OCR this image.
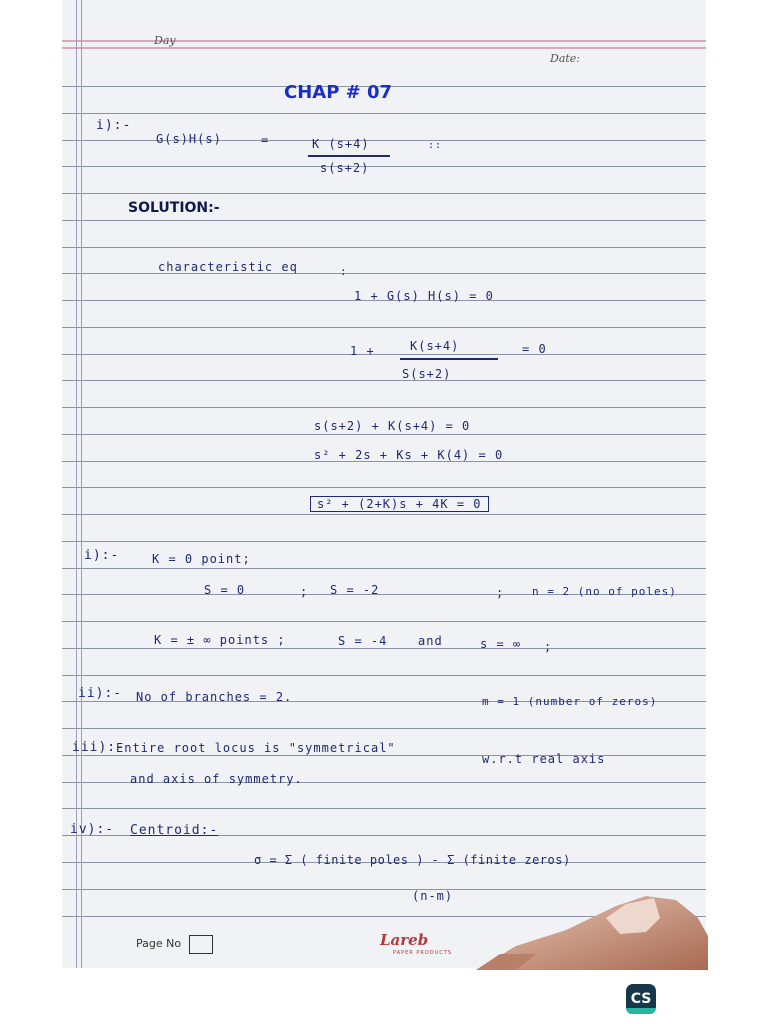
Day
Date:
CHAP # 07
i):-
G(s)H(s)	=	K (s+4)
s(s+2)
::
SOLUTION:-
characteristic eq	:
1 + G(s) H(s) = 0
1 +	K(s+4)
S(s+2)
= 0
s(s+2) + K(s+4) = 0
s² + 2s + Ks + K(4) = 0
s² + (2+K)s + 4K = 0
i):-	K = 0 point;
S = 0	; S = -2	;	n = 2 (no of poles)
K = ± ∞ points ;	S = -4	and	s = ∞ ;
ii):- No of branches = 2.	m = 1 (number of zeros)
iii):-
Entire root locus is "symmetrical"
w.r.t real axis
and axis of symmetry.
iv):- Centroid:-
σ = Σ ( finite poles ) - Σ (finite zeros)
(n-m)
Page No	Lareb
PAPER PRODUCTS
CS
